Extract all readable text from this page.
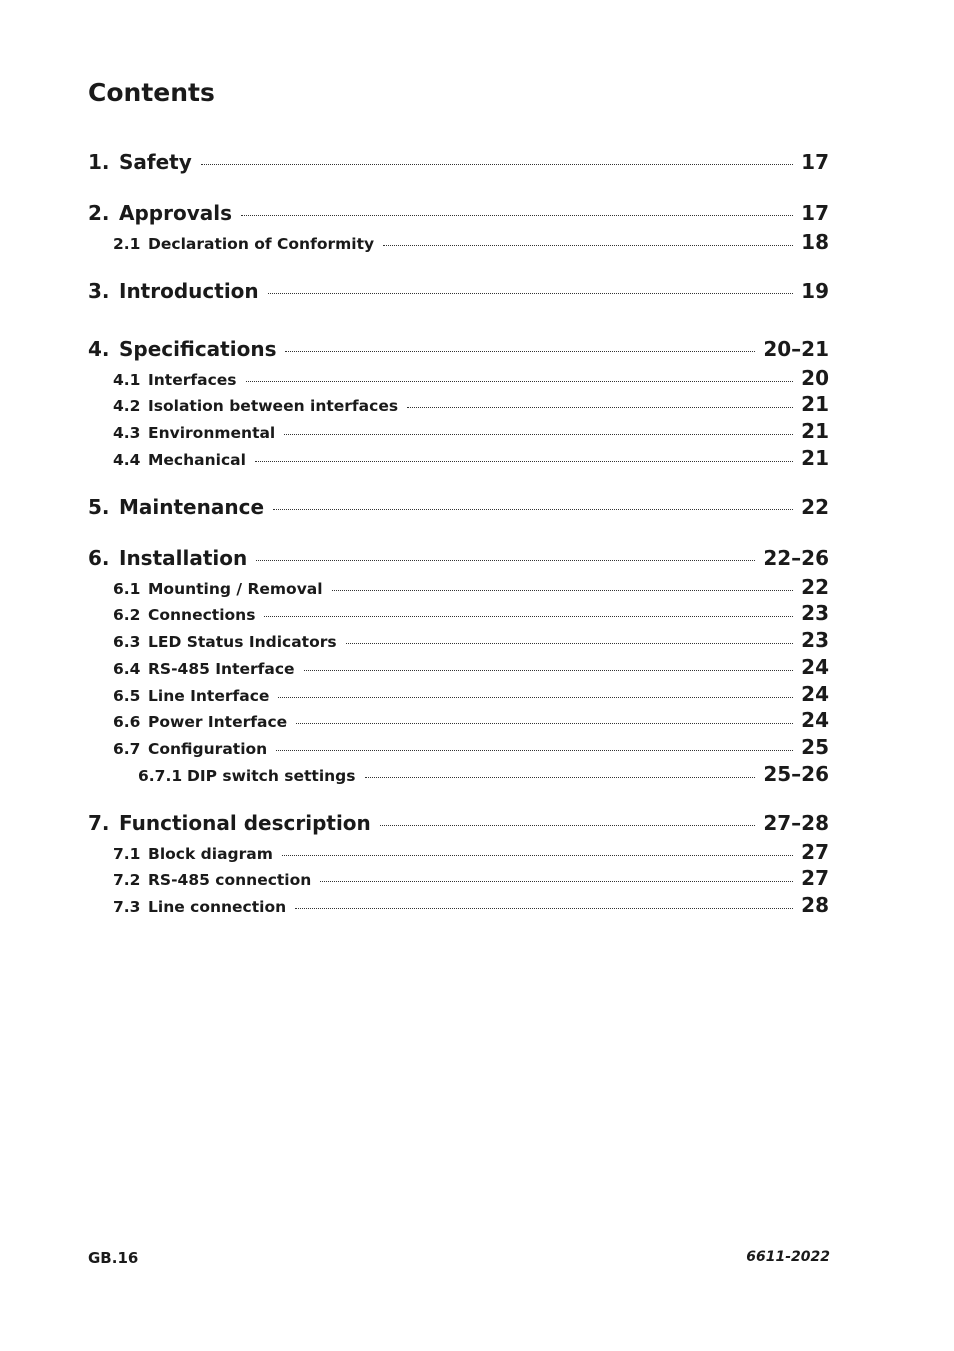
Contents
1. Safety	17
2. Approvals	17
2.1 Declaration of Conformity	18
3. Introduction	19
4. Specifications	20–21
4.1 Interfaces	20
4.2 Isolation between interfaces	21
4.3 Environmental	21
4.4 Mechanical	21
5. Maintenance	22
6. Installation	22–26
6.1 Mounting / Removal	22
6.2 Connections	23
6.3 LED Status Indicators	23
6.4 RS-485 Interface	24
6.5 Line Interface	24
6.6 Power Interface	24
6.7 Configuration	25
6.7.1 DIP switch settings	25–26
7. Functional description	27–28
7.1 Block diagram	27
7.2 RS-485 connection	27
7.3 Line connection	28
GB.16	6611-2022
